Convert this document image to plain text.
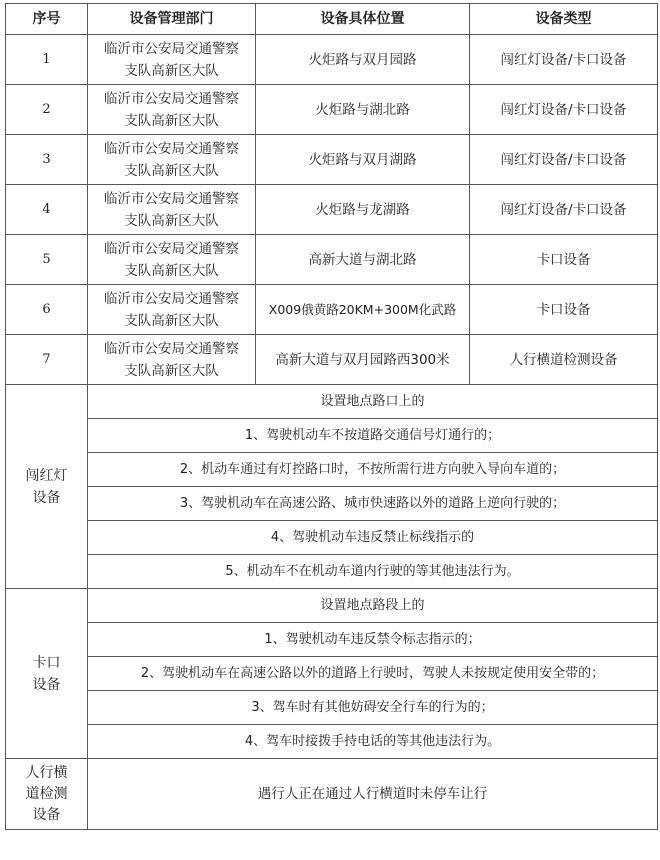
序号	设备管理部门	设备具体位置	设备类型
1	临沂市公安局交通警察
支队高新区大队	火炬路与双月园路	闯红灯设备/卡口设备
2	临沂市公安局交通警察
支队高新区大队	火炬路与湖北路	闯红灯设备/卡口设备
3	临沂市公安局交通警察
支队高新区大队	火炬路与双月湖路	闯红灯设备/卡口设备
4	临沂市公安局交通警察
支队高新区大队	火炬路与龙湖路	闯红灯设备/卡口设备
5	临沂市公安局交通警察
支队高新区大队	高新大道与湖北路	卡口设备
6	临沂市公安局交通警察
支队高新区大队	X009俄黄路20KM+300M化武路	卡口设备
7	临沂市公安局交通警察
支队高新区大队	高新大道与双月园路西300米	人行横道检测设备
闯红灯
设备	设置地点路口上的		
	1、驾驶机动车不按道路交通信号灯通行的；		
	2、机动车通过有灯控路口时，不按所需行进方向驶入导向车道的；		
	3、驾驶机动车在高速公路、城市快速路以外的道路上逆向行驶的；		
	4、驾驶机动车违反禁止标线指示的		
	5、机动车不在机动车道内行驶的等其他违法行为。		
卡口
设备	设置地点路段上的		
	1、驾驶机动车违反禁令标志指示的；		
	2、驾驶机动车在高速公路以外的道路上行驶时，驾驶人未按规定使用安全带的；		
	3、驾车时有其他妨碍安全行车的行为的；		
	4、驾车时接拨手持电话的等其他违法行为。		
人行横
道检测
设备	遇行人正在通过人行横道时未停车让行		
